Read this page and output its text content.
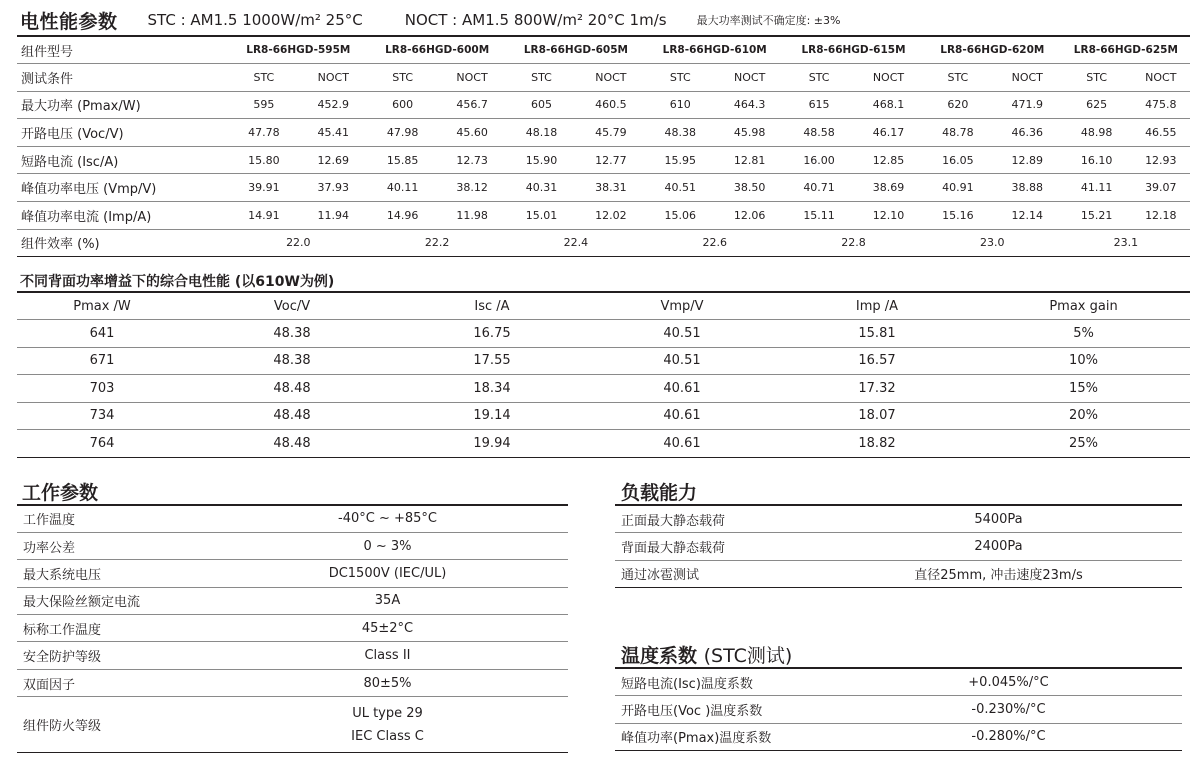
电性能参数 STC : AM1.5 1000W/m² 25°C	NOCT : AM1.5 800W/m² 20°C 1m/s	最大功率测试不确定度: ±3%
组件型号	LR8-66HGD-595M		LR8-66HGD-600M		LR8-66HGD-605M		LR8-66HGD-610M		LR8-66HGD-615M		LR8-66HGD-620M		LR8-66HGD-625M	
测试条件	STC	NOCT	STC	NOCT	STC	NOCT	STC	NOCT	STC	NOCT	STC	NOCT	STC	NOCT
最大功率 (Pmax/W)	595	452.9	600	456.7	605	460.5	610	464.3	615	468.1	620	471.9	625	475.8
开路电压 (Voc/V)	47.78	45.41	47.98	45.60	48.18	45.79	48.38	45.98	48.58	46.17	48.78	46.36	48.98	46.55
短路电流 (Isc/A)	15.80	12.69	15.85	12.73	15.90	12.77	15.95	12.81	16.00	12.85	16.05	12.89	16.10	12.93
峰值功率电压 (Vmp/V)	39.91	37.93	40.11	38.12	40.31	38.31	40.51	38.50	40.71	38.69	40.91	38.88	41.11	39.07
峰值功率电流 (Imp/A)	14.91	11.94	14.96	11.98	15.01	12.02	15.06	12.06	15.11	12.10	15.16	12.14	15.21	12.18
组件效率 (%)	22.0		22.2		22.4		22.6		22.8		23.0		23.1	
不同背面功率增益下的综合电性能 (以610W为例)
Pmax /W	Voc/V	Isc /A	Vmp/V	Imp /A	Pmax gain
641	48.38	16.75	40.51	15.81	5%
671	48.38	17.55	40.51	16.57	10%
703	48.48	18.34	40.61	17.32	15%
734	48.48	19.14	40.61	18.07	20%
764	48.48	19.94	40.61	18.82	25%
工作参数
工作温度	-40°C ~ +85°C
功率公差	0 ~ 3%
最大系统电压	DC1500V (IEC/UL)
最大保险丝额定电流	35A
标称工作温度	45±2°C
安全防护等级	Class II
双面因子	80±5%
组件防火等级	UL type 29
IEC Class C
负载能力
正面最大静态载荷	5400Pa
背面最大静态载荷	2400Pa
通过冰雹测试	直径25mm, 冲击速度23m/s
温度系数 (STC测试)
短路电流(Isc)温度系数	+0.045%/°C
开路电压(Voc )温度系数	-0.230%/°C
峰值功率(Pmax)温度系数	-0.280%/°C
